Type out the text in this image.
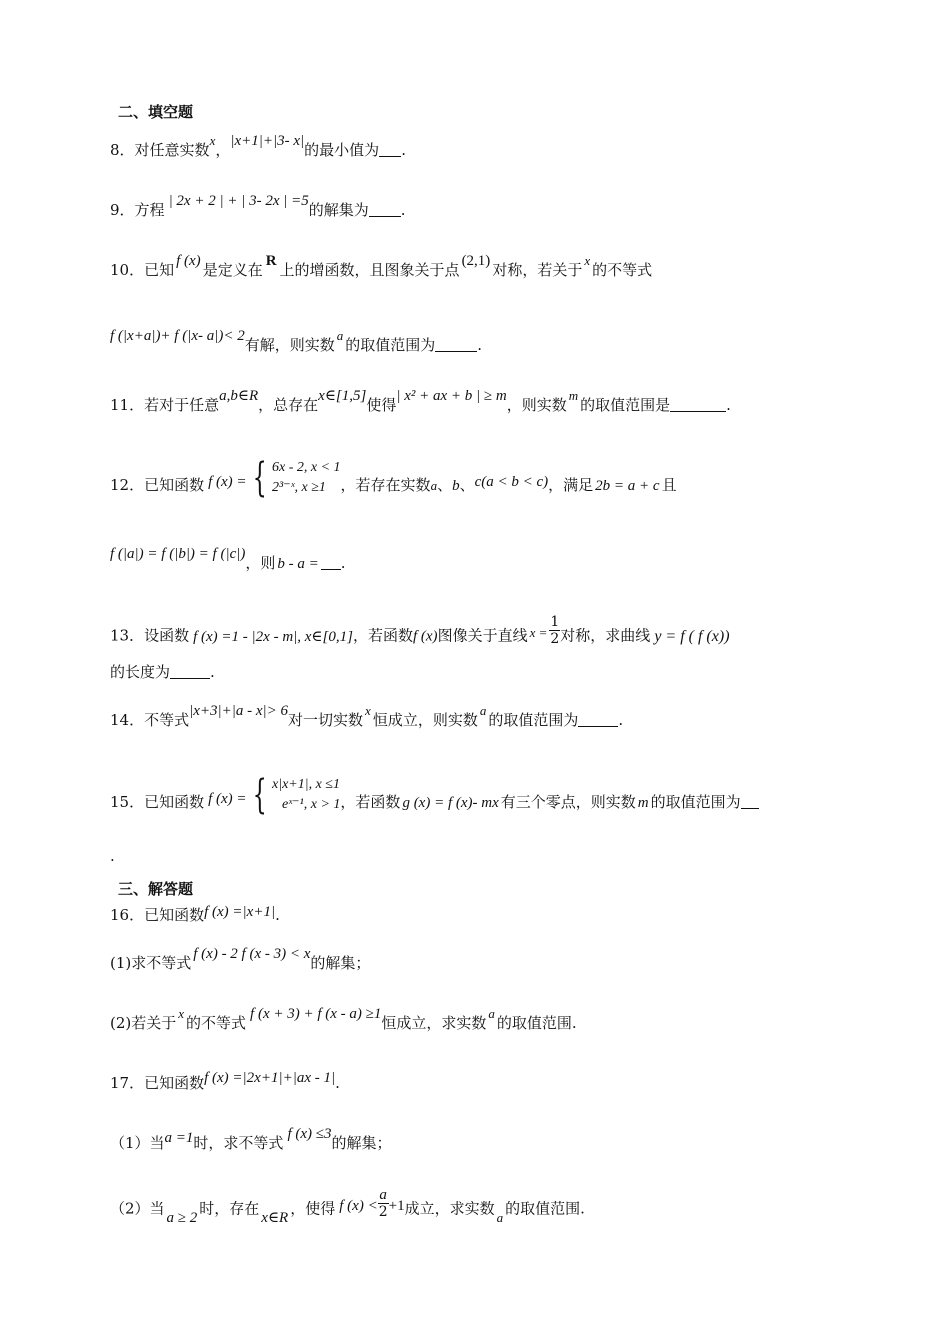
二、填空题
8．对任意实数x，|x+1|+|3- x|的最小值为 .
9．方程 | 2x + 2 | + | 3- 2x | =5的解集为 .
10．已知 f (x) 是定义在 R 上的增函数，且图象关于点 (2,1) 对称，若关于x的不等式
f (|x+a|)+ f (|x- a|)< 2有解，则实数a的取值范围为	.
11．若对于任意a,b∈R，总存在x∈[1,5]使得| x² + ax + b | ≥ m，则实数m的取值范围是	.
12．已知函数 f (x) = { 6x - 2, x < 1
2³⁻ˣ, x ≥1 ，若存在实数a、b、c(a < b < c)，满足 2b = a + c 且
f (|a|) = f (|b|) = f (|c|)，则 b - a = .
13．设函数 f (x) =1 - |2x - m|, x∈[0,1]，若函数f (x)图像关于直线 $x = \frac{1}{2}$ 对称，求曲线 y = f ( f (x))
的长度为	.
14．不等式|x+3|+|a - x|> 6对一切实数x恒成立，则实数a的取值范围为	.
15．已知函数 f (x) = { x|x+1|, x ≤1
eˣ⁻¹, x > 1 ，若函数 g (x) = f (x)- mx 有三个零点，则实数 m 的取值范围为
.
三、解答题
16．已知函数f (x) =|x+1|.
(1)求不等式 f (x) - 2 f (x - 3) < x的解集；
(2)若关于x的不等式 f (x + 3) + f (x - a) ≥1恒成立，求实数a的取值范围.
17．已知函数f (x) =|2x+1|+|ax - 1|.
（1）当a =1时，求不等式 f (x) ≤3的解集；
（2）当 a ≥ 2 时，存在 x∈R ，使得 f $(x) < \frac{a}{2} +1$成立，求实数 a 的取值范围.
